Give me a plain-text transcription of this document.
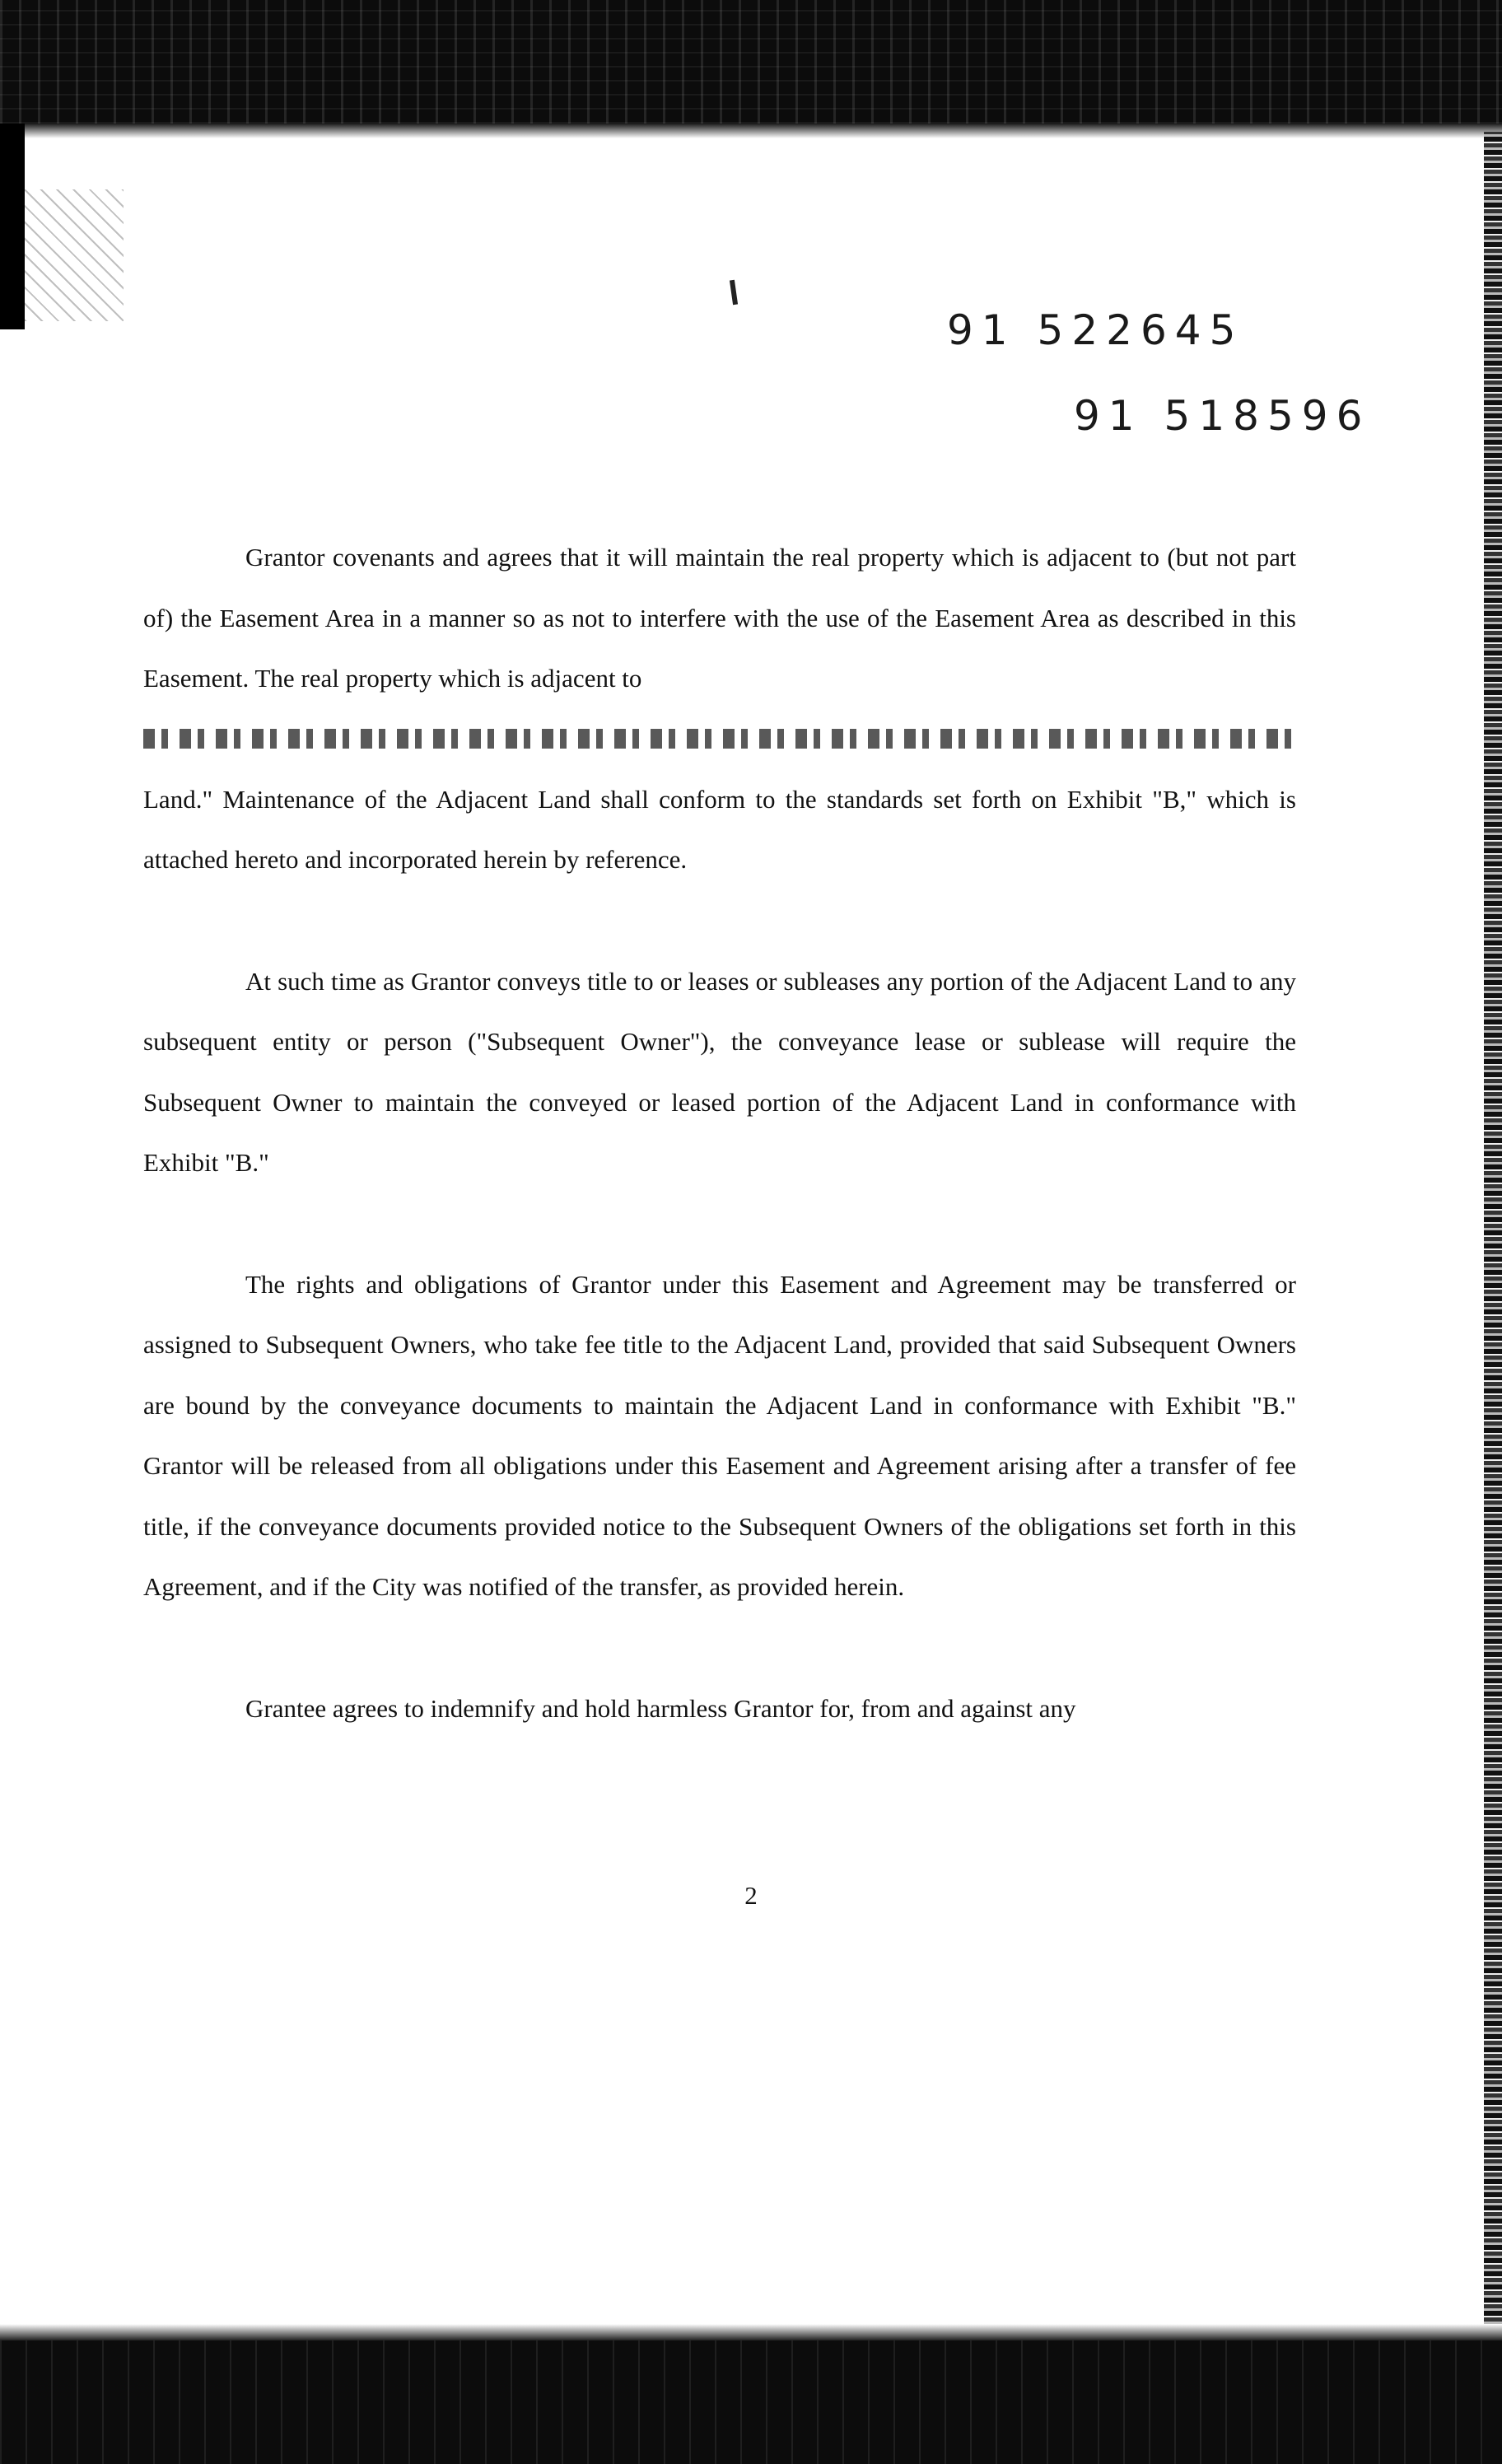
91 522645
91 518596

Grantor covenants and agrees that it will maintain the real property which is adjacent to (but not part of) the Easement Area in a manner so as not to interfere with the use of the Easement Area as described in this Easement. The real property which is adjacent to
Land." Maintenance of the Adjacent Land shall conform to the standards set forth on Exhibit "B," which is attached hereto and incorporated herein by reference.

At such time as Grantor conveys title to or leases or subleases any portion of the Adjacent Land to any subsequent entity or person ("Subsequent Owner"), the conveyance lease or sublease will require the Subsequent Owner to maintain the conveyed or leased portion of the Adjacent Land in conformance with Exhibit "B."

The rights and obligations of Grantor under this Easement and Agreement may be transferred or assigned to Subsequent Owners, who take fee title to the Adjacent Land, provided that said Subsequent Owners are bound by the conveyance documents to maintain the Adjacent Land in conformance with Exhibit "B." Grantor will be released from all obligations under this Easement and Agreement arising after a transfer of fee title, if the conveyance documents provided notice to the Subsequent Owners of the obligations set forth in this Agreement, and if the City was notified of the transfer, as provided herein.

Grantee agrees to indemnify and hold harmless Grantor for, from and against any

2
